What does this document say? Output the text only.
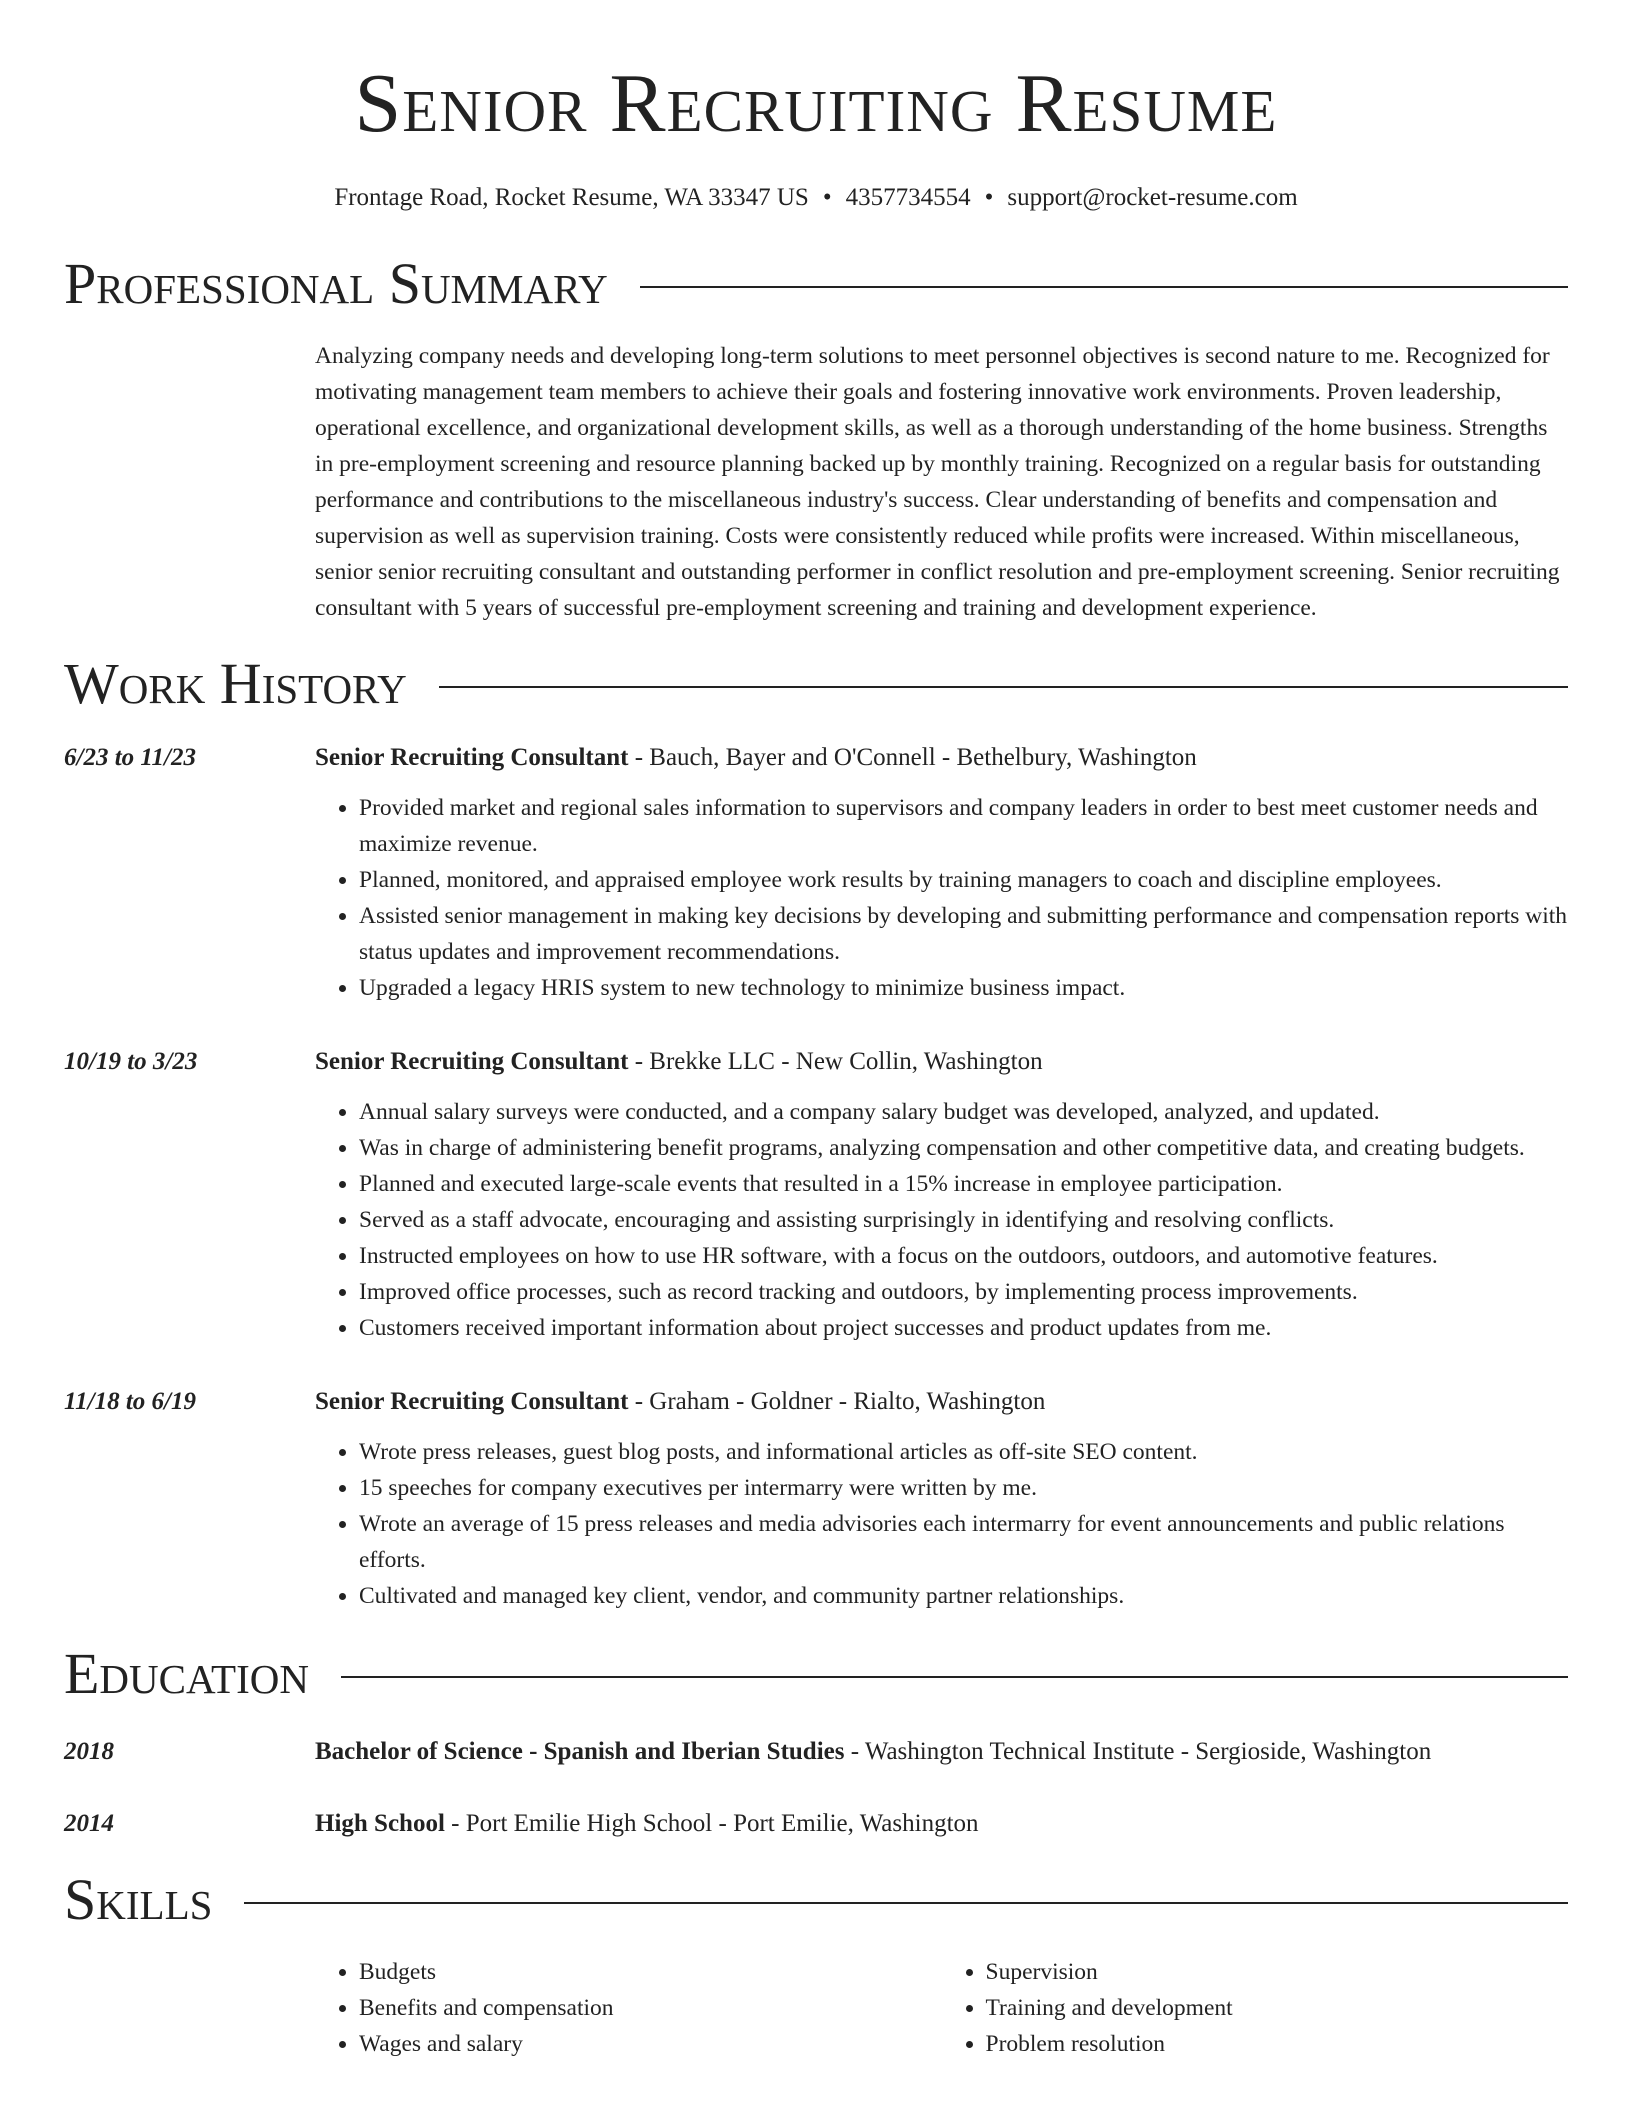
Senior Recruiting Resume
Frontage Road, Rocket Resume, WA 33347 US • 4357734554 • support@rocket-resume.com
Professional Summary
Analyzing company needs and developing long-term solutions to meet personnel objectives is second nature to me. Recognized for motivating management team members to achieve their goals and fostering innovative work environments. Proven leadership, operational excellence, and organizational development skills, as well as a thorough understanding of the home business. Strengths in pre-employment screening and resource planning backed up by monthly training. Recognized on a regular basis for outstanding performance and contributions to the miscellaneous industry's success. Clear understanding of benefits and compensation and supervision as well as supervision training. Costs were consistently reduced while profits were increased. Within miscellaneous, senior senior recruiting consultant and outstanding performer in conflict resolution and pre-employment screening. Senior recruiting consultant with 5 years of successful pre-employment screening and training and development experience.
Work History
6/23 to 11/23	Senior Recruiting Consultant - Bauch, Bayer and O'Connell - Bethelbury, Washington
• Provided market and regional sales information to supervisors and company leaders in order to best meet customer needs and maximize revenue.
• Planned, monitored, and appraised employee work results by training managers to coach and discipline employees.
• Assisted senior management in making key decisions by developing and submitting performance and compensation reports with status updates and improvement recommendations.
• Upgraded a legacy HRIS system to new technology to minimize business impact.
10/19 to 3/23	Senior Recruiting Consultant - Brekke LLC - New Collin, Washington
• Annual salary surveys were conducted, and a company salary budget was developed, analyzed, and updated.
• Was in charge of administering benefit programs, analyzing compensation and other competitive data, and creating budgets.
• Planned and executed large-scale events that resulted in a 15% increase in employee participation.
• Served as a staff advocate, encouraging and assisting surprisingly in identifying and resolving conflicts.
• Instructed employees on how to use HR software, with a focus on the outdoors, outdoors, and automotive features.
• Improved office processes, such as record tracking and outdoors, by implementing process improvements.
• Customers received important information about project successes and product updates from me.
11/18 to 6/19	Senior Recruiting Consultant - Graham - Goldner - Rialto, Washington
• Wrote press releases, guest blog posts, and informational articles as off-site SEO content.
• 15 speeches for company executives per intermarry were written by me.
• Wrote an average of 15 press releases and media advisories each intermarry for event announcements and public relations efforts.
• Cultivated and managed key client, vendor, and community partner relationships.
Education
2018	Bachelor of Science - Spanish and Iberian Studies - Washington Technical Institute - Sergioside, Washington
2014	High School - Port Emilie High School - Port Emilie, Washington
Skills
• Budgets
• Benefits and compensation
• Wages and salary
• Supervision
• Training and development
• Problem resolution
